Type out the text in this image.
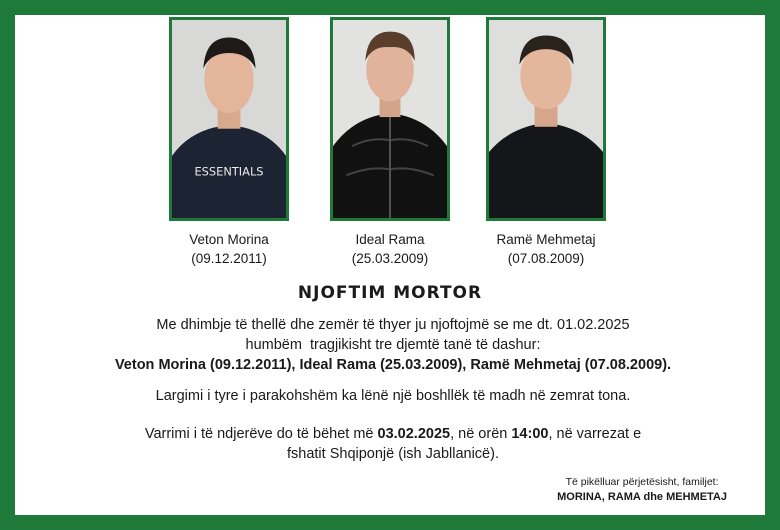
ESSENTIALS
Veton Morina
(09.12.2011)
Ideal Rama
(25.03.2009)
Ramë Mehmetaj
(07.08.2009)
NJOFTIM MORTOR
Me dhimbje të thellë dhe zemër të thyer ju njoftojmë se me dt. 01.02.2025
humbëm  tragjikisht tre djemtë tanë të dashur:
Veton Morina (09.12.2011), Ideal Rama (25.03.2009), Ramë Mehmetaj (07.08.2009).
Largimi i tyre i parakohshëm ka lënë një boshllëk të madh në zemrat tona.
Varrimi i të ndjerëve do të bëhet më 03.02.2025, në orën 14:00, në varrezat e
fshatit Shqiponjë (ish Jabllanicë).
Të pikëlluar përjetësisht, familjet:
MORINA, RAMA dhe MEHMETAJ
